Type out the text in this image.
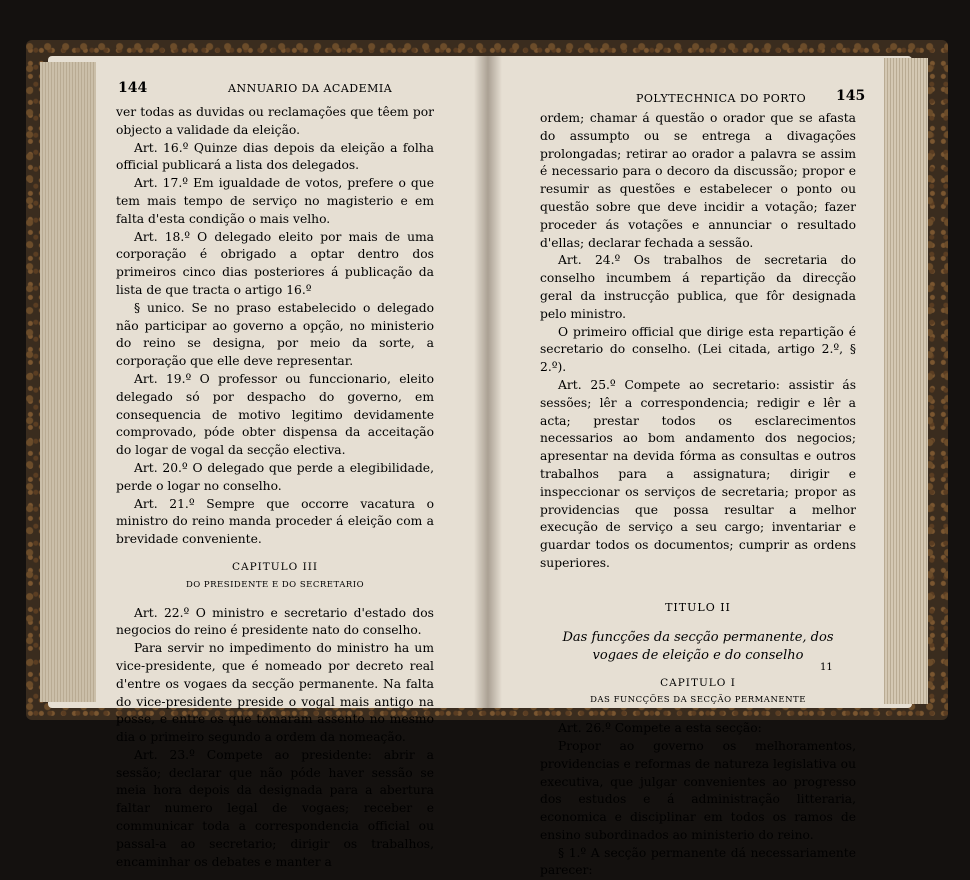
144	ANNUARIO DA ACADEMIA

ver todas as duvidas ou reclamações que têem por objecto a validade da eleição.

Art. 16.º Quinze dias depois da eleição a folha official publicará a lista dos delegados.

Art. 17.º Em igualdade de votos, prefere o que tem mais tempo de serviço no magisterio e em falta d'esta condição o mais velho.

Art. 18.º O delegado eleito por mais de uma corporação é obrigado a optar dentro dos primeiros cinco dias posteriores á publicação da lista de que tracta o artigo 16.º

§ unico. Se no praso estabelecido o delegado não participar ao governo a opção, no ministerio do reino se designa, por meio da sorte, a corporação que elle deve representar.

Art. 19.º O professor ou funccionario, eleito delegado só por despacho do governo, em consequencia de motivo legitimo devidamente comprovado, póde obter dispensa da acceitação do logar de vogal da secção electiva.

Art. 20.º O delegado que perde a elegibilidade, perde o logar no conselho.

Art. 21.º Sempre que occorre vacatura o ministro do reino manda proceder á eleição com a brevidade conveniente.

CAPITULO III

DO PRESIDENTE E DO SECRETARIO

Art. 22.º O ministro e secretario d'estado dos negocios do reino é presidente nato do conselho.

Para servir no impedimento do ministro ha um vice-presidente, que é nomeado por decreto real d'entre os vogaes da secção permanente. Na falta do vice-presidente preside o vogal mais antigo na posse, e entre os que tomaram assento no mesmo dia o primeiro segundo a ordem da nomeação.

Art. 23.º Compete ao presidente: abrir a sessão; declarar que não póde haver sessão se meia hora depois da designada para a abertura faltar numero legal de vogaes; receber e communicar toda a correspondencia official ou passal-a ao secretario; dirigir os trabalhos, encaminhar os debates e manter a

POLYTECHNICA DO PORTO 145

ordem; chamar á questão o orador que se afasta do assumpto ou se entrega a divagações prolongadas; retirar ao orador a palavra se assim é necessario para o decoro da discussão; propor e resumir as questões e estabelecer o ponto ou questão sobre que deve incidir a votação; fazer proceder ás votações e annunciar o resultado d'ellas; declarar fechada a sessão.

Art. 24.º Os trabalhos de secretaria do conselho incumbem á repartição da direcção geral da instrucção publica, que fôr designada pelo ministro.

O primeiro official que dirige esta repartição é secretario do conselho. (Lei citada, artigo 2.º, § 2.º).

Art. 25.º Compete ao secretario: assistir ás sessões; lêr a correspondencia; redigir e lêr a acta; prestar todos os esclarecimentos necessarios ao bom andamento dos negocios; apresentar na devida fórma as consultas e outros trabalhos para a assignatura; dirigir e inspeccionar os serviços de secretaria; propor as providencias que possa resultar a melhor execução de serviço a seu cargo; inventariar e guardar todos os documentos; cumprir as ordens superiores.

TITULO II

Das funcções da secção permanente, dos vogaes de eleição e do conselho

CAPITULO I

DAS FUNCÇÕES DA SECÇÃO PERMANENTE

Art. 26.º Compete a esta secção:

Propor ao governo os melhoramentos, providencias e reformas de natureza legislativa ou executiva, que julgar convenientes ao progresso dos estudos e á administração litteraria, economica e disciplinar em todos os ramos de ensino subordinados ao ministerio do reino.

§ 1.º A secção permanente dá necessariamente parecer:

11
